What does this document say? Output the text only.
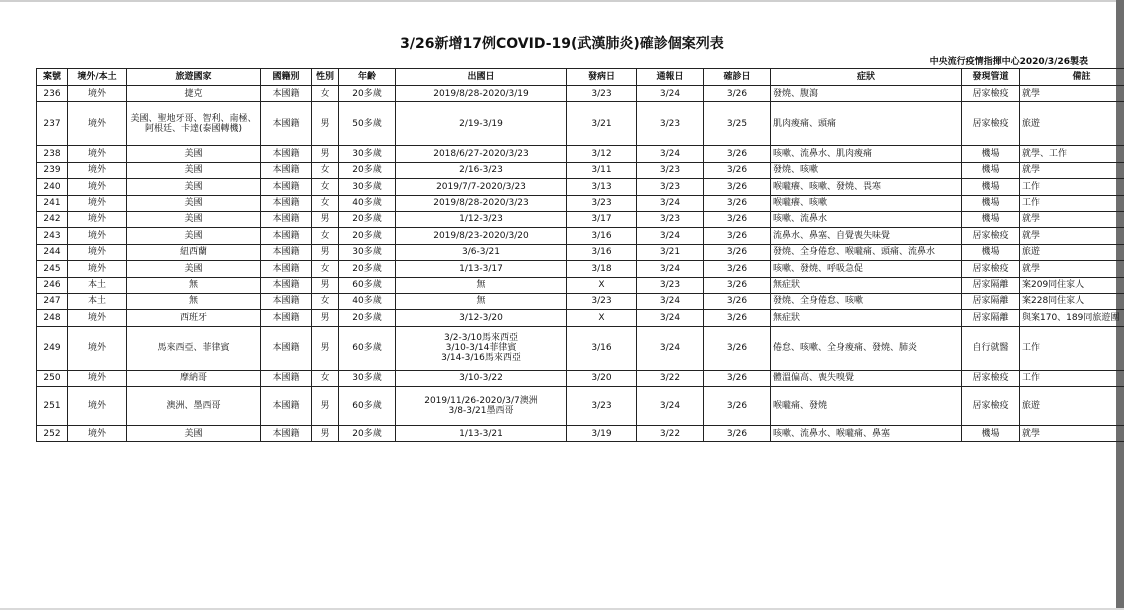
3/26新增17例COVID-19(武漢肺炎)確診個案列表
中央流行疫情指揮中心2020/3/26製表
案號	境外/本土	旅遊國家	國籍別	性別	年齡	出國日	發病日	通報日	確診日	症狀	發現管道	備註
236	境外	捷克	本國籍	女	20多歲	2019/8/28-2020/3/19	3/23	3/24	3/26	發燒、腹瀉	居家檢疫	就學
237	境外	美國、聖地牙哥、智利、南極、阿根廷、卡達(泰國轉機)	本國籍	男	50多歲	2/19-3/19	3/21	3/23	3/25	肌肉痠痛、頭痛	居家檢疫	旅遊
238	境外	美國	本國籍	男	30多歲	2018/6/27-2020/3/23	3/12	3/24	3/26	咳嗽、流鼻水、肌肉痠痛	機場	就學、工作
239	境外	美國	本國籍	女	20多歲	2/16-3/23	3/11	3/23	3/26	發燒、咳嗽	機場	就學
240	境外	美國	本國籍	女	30多歲	2019/7/7-2020/3/23	3/13	3/23	3/26	喉嚨癢、咳嗽、發燒、畏寒	機場	工作
241	境外	美國	本國籍	女	40多歲	2019/8/28-2020/3/23	3/23	3/24	3/26	喉嚨癢、咳嗽	機場	工作
242	境外	美國	本國籍	男	20多歲	1/12-3/23	3/17	3/23	3/26	咳嗽、流鼻水	機場	就學
243	境外	美國	本國籍	女	20多歲	2019/8/23-2020/3/20	3/16	3/24	3/26	流鼻水、鼻塞、自覺喪失味覺	居家檢疫	就學
244	境外	紐西蘭	本國籍	男	30多歲	3/6-3/21	3/16	3/21	3/26	發燒、全身倦怠、喉嚨痛、頭痛、流鼻水	機場	旅遊
245	境外	美國	本國籍	女	20多歲	1/13-3/17	3/18	3/24	3/26	咳嗽、發燒、呼吸急促	居家檢疫	就學
246	本土	無	本國籍	男	60多歲	無	X	3/23	3/26	無症狀	居家隔離	案209同住家人
247	本土	無	本國籍	女	40多歲	無	3/23	3/24	3/26	發燒、全身倦怠、咳嗽	居家隔離	案228同住家人
248	境外	西班牙	本國籍	男	20多歲	3/12-3/20	X	3/24	3/26	無症狀	居家隔離	與案170、189同旅遊團
249	境外	馬來西亞、菲律賓	本國籍	男	60多歲	3/2-3/10馬來西亞
3/10-3/14菲律賓
3/14-3/16馬來西亞	3/16	3/24	3/26	倦怠、咳嗽、全身痠痛、發燒、肺炎	自行就醫	工作
250	境外	摩納哥	本國籍	女	30多歲	3/10-3/22	3/20	3/22	3/26	體溫偏高、喪失嗅覺	居家檢疫	工作
251	境外	澳洲、墨西哥	本國籍	男	60多歲	2019/11/26-2020/3/7澳洲
3/8-3/21墨西哥	3/23	3/24	3/26	喉嚨痛、發燒	居家檢疫	旅遊
252	境外	美國	本國籍	男	20多歲	1/13-3/21	3/19	3/22	3/26	咳嗽、流鼻水、喉嚨痛、鼻塞	機場	就學
